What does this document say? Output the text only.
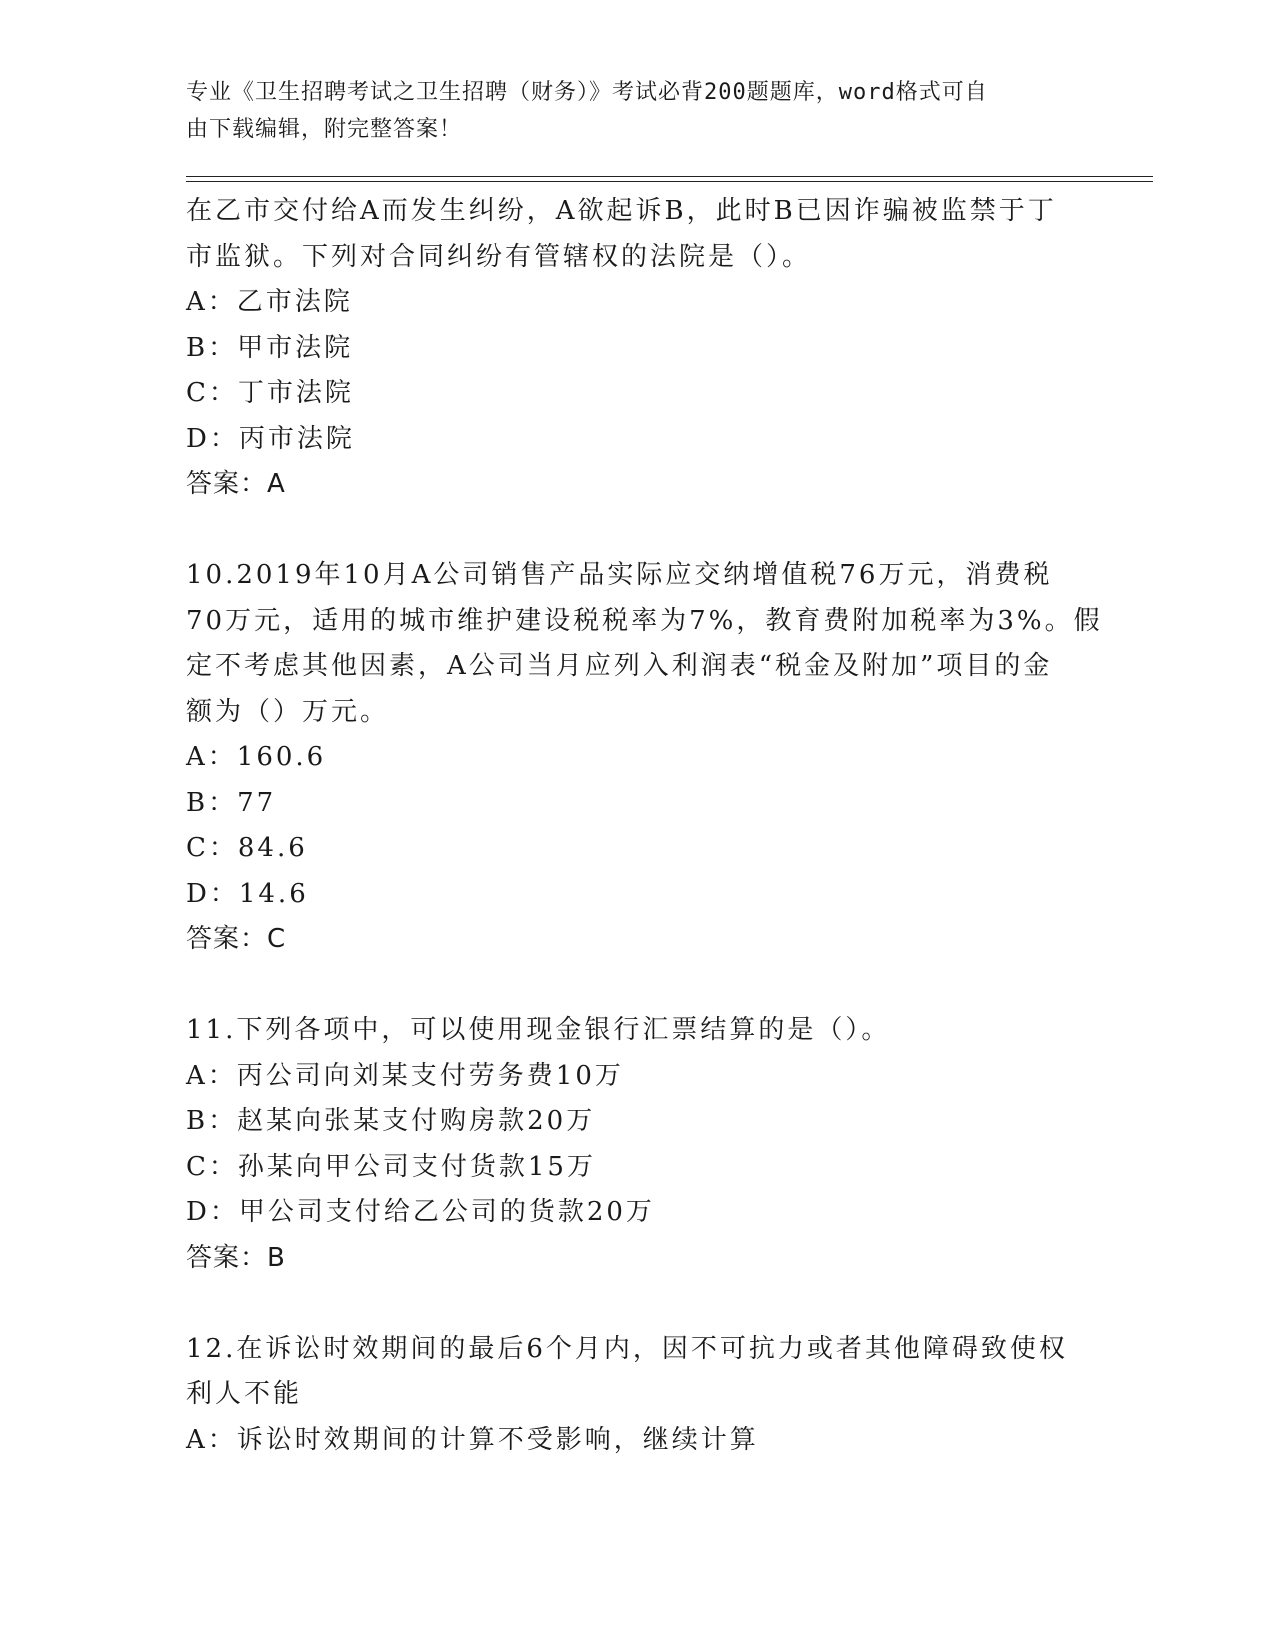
专业《卫生招聘考试之卫生招聘（财务）》考试必背200题题库，word格式可自
由下载编辑，附完整答案！
在乙市交付给A而发生纠纷，A欲起诉B，此时B已因诈骗被监禁于丁
市监狱。下列对合同纠纷有管辖权的法院是（）。
A：乙市法院
B：甲市法院
C：丁市法院
D：丙市法院
答案：A
10.2019年10月A公司销售产品实际应交纳增值税76万元，消费税
70万元，适用的城市维护建设税税率为7%，教育费附加税率为3%。假
定不考虑其他因素，A公司当月应列入利润表“税金及附加”项目的金
额为（）万元。
A：160.6
B：77
C：84.6
D：14.6
答案：C
11.下列各项中，可以使用现金银行汇票结算的是（）。
A：丙公司向刘某支付劳务费10万
B：赵某向张某支付购房款20万
C：孙某向甲公司支付货款15万
D：甲公司支付给乙公司的货款20万
答案：B
12.在诉讼时效期间的最后6个月内，因不可抗力或者其他障碍致使权
利人不能
A：诉讼时效期间的计算不受影响，继续计算
